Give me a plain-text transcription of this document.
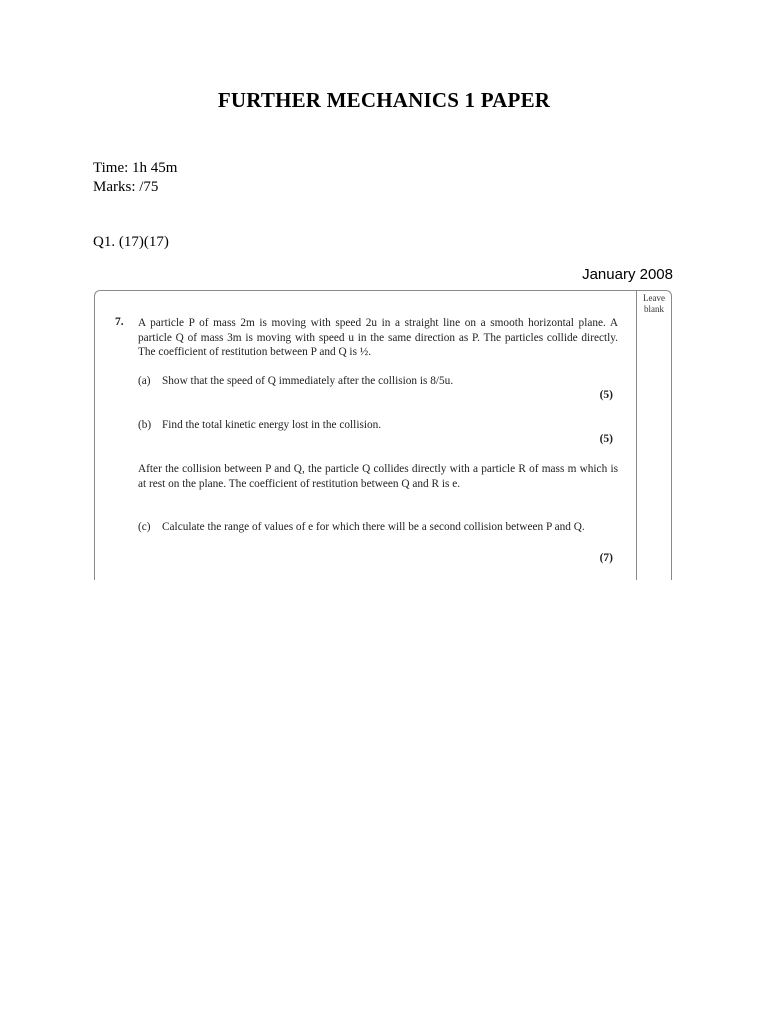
FURTHER MECHANICS 1 PAPER
Time: 1h 45m
Marks: /75
Q1. (17)(17)
January 2008
Leave blank
7. A particle P of mass 2m is moving with speed 2u in a straight line on a smooth horizontal plane. A particle Q of mass 3m is moving with speed u in the same direction as P. The particles collide directly. The coefficient of restitution between P and Q is ½.
(a) Show that the speed of Q immediately after the collision is 8/5u.
(5)
(b) Find the total kinetic energy lost in the collision.
(5)
After the collision between P and Q, the particle Q collides directly with a particle R of mass m which is at rest on the plane. The coefficient of restitution between Q and R is e.
(c)	Calculate the range of values of e for which there will be a second collision between P and Q.
(7)
